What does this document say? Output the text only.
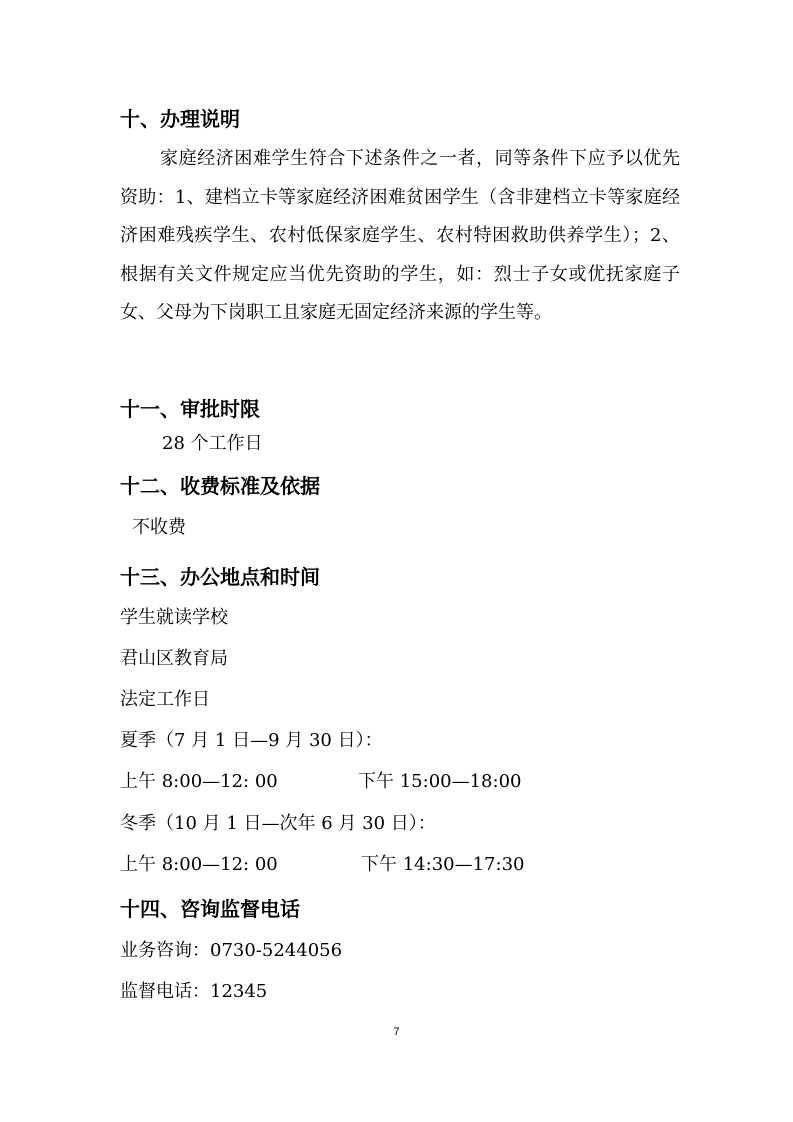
十、办理说明
家庭经济困难学生符合下述条件之一者，同等条件下应予以优先资助：1、建档立卡等家庭经济困难贫困学生（含非建档立卡等家庭经济困难残疾学生、农村低保家庭学生、农村特困救助供养学生）；2、根据有关文件规定应当优先资助的学生，如：烈士子女或优抚家庭子女、父母为下岗职工且家庭无固定经济来源的学生等。
十一、审批时限
28 个工作日
十二、收费标准及依据
不收费
十三、办公地点和时间
学生就读学校
君山区教育局
法定工作日
夏季（7 月 1 日—9 月 30 日）：
上午 8:00—12: 00	下午 15:00—18:00
冬季（10 月 1 日—次年 6 月 30 日）：
上午 8:00—12: 00	下午 14:30—17:30
十四、咨询监督电话
业务咨询：0730-5244056
监督电话：12345
7
